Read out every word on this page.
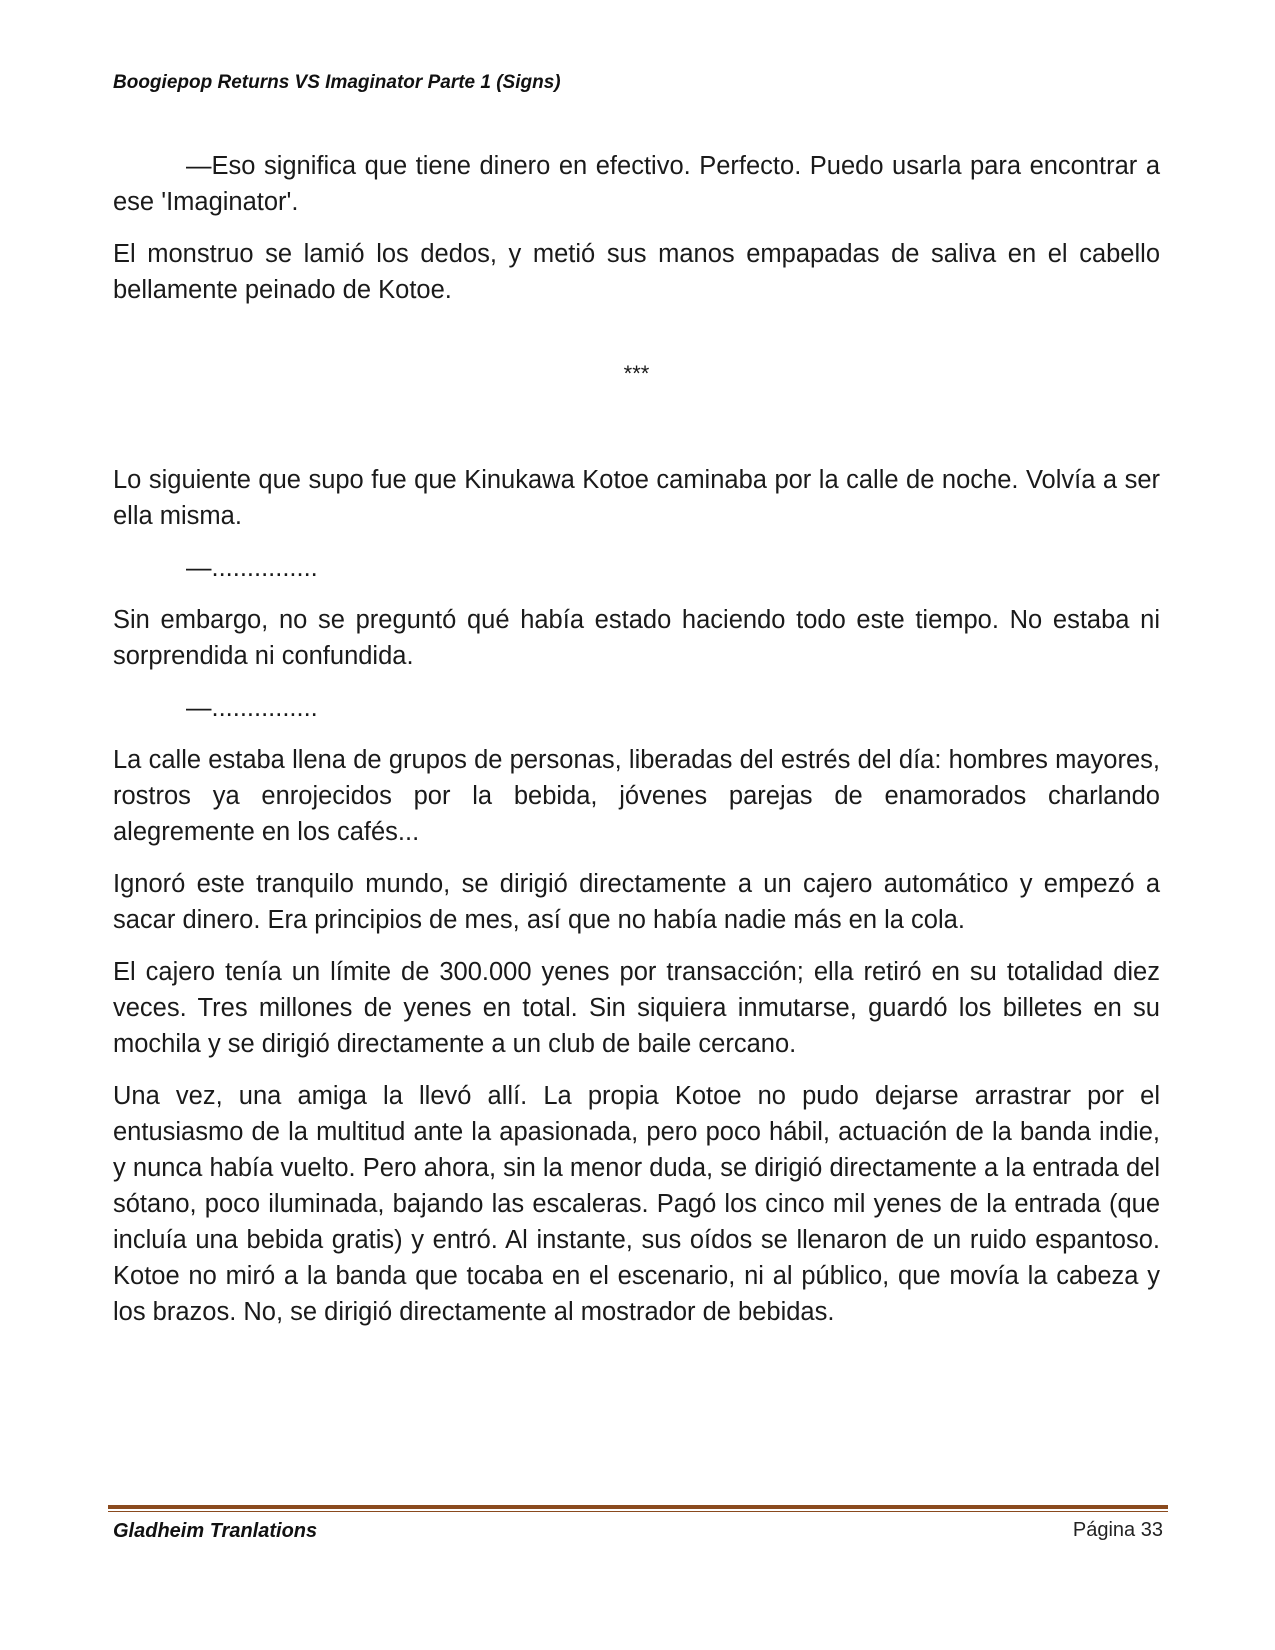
Boogiepop Returns VS Imaginator Parte 1 (Signs)

—Eso significa que tiene dinero en efectivo. Perfecto. Puedo usarla para encontrar a ese 'Imaginator'.

El monstruo se lamió los dedos, y metió sus manos empapadas de saliva en el cabello bellamente peinado de Kotoe.

***

Lo siguiente que supo fue que Kinukawa Kotoe caminaba por la calle de noche. Volvía a ser ella misma.

—...............

Sin embargo, no se preguntó qué había estado haciendo todo este tiempo. No estaba ni sorprendida ni confundida.

—...............

La calle estaba llena de grupos de personas, liberadas del estrés del día: hombres mayores, rostros ya enrojecidos por la bebida, jóvenes parejas de enamorados charlando alegremente en los cafés...

Ignoró este tranquilo mundo, se dirigió directamente a un cajero automático y empezó a sacar dinero. Era principios de mes, así que no había nadie más en la cola.

El cajero tenía un límite de 300.000 yenes por transacción; ella retiró en su totalidad diez veces. Tres millones de yenes en total. Sin siquiera inmutarse, guardó los billetes en su mochila y se dirigió directamente a un club de baile cercano.

Una vez, una amiga la llevó allí. La propia Kotoe no pudo dejarse arrastrar por el entusiasmo de la multitud ante la apasionada, pero poco hábil, actuación de la banda indie, y nunca había vuelto. Pero ahora, sin la menor duda, se dirigió directamente a la entrada del sótano, poco iluminada, bajando las escaleras. Pagó los cinco mil yenes de la entrada (que incluía una bebida gratis) y entró. Al instante, sus oídos se llenaron de un ruido espantoso. Kotoe no miró a la banda que tocaba en el escenario, ni al público, que movía la cabeza y los brazos. No, se dirigió directamente al mostrador de bebidas.

Gladheim Tranlations	Página 33
